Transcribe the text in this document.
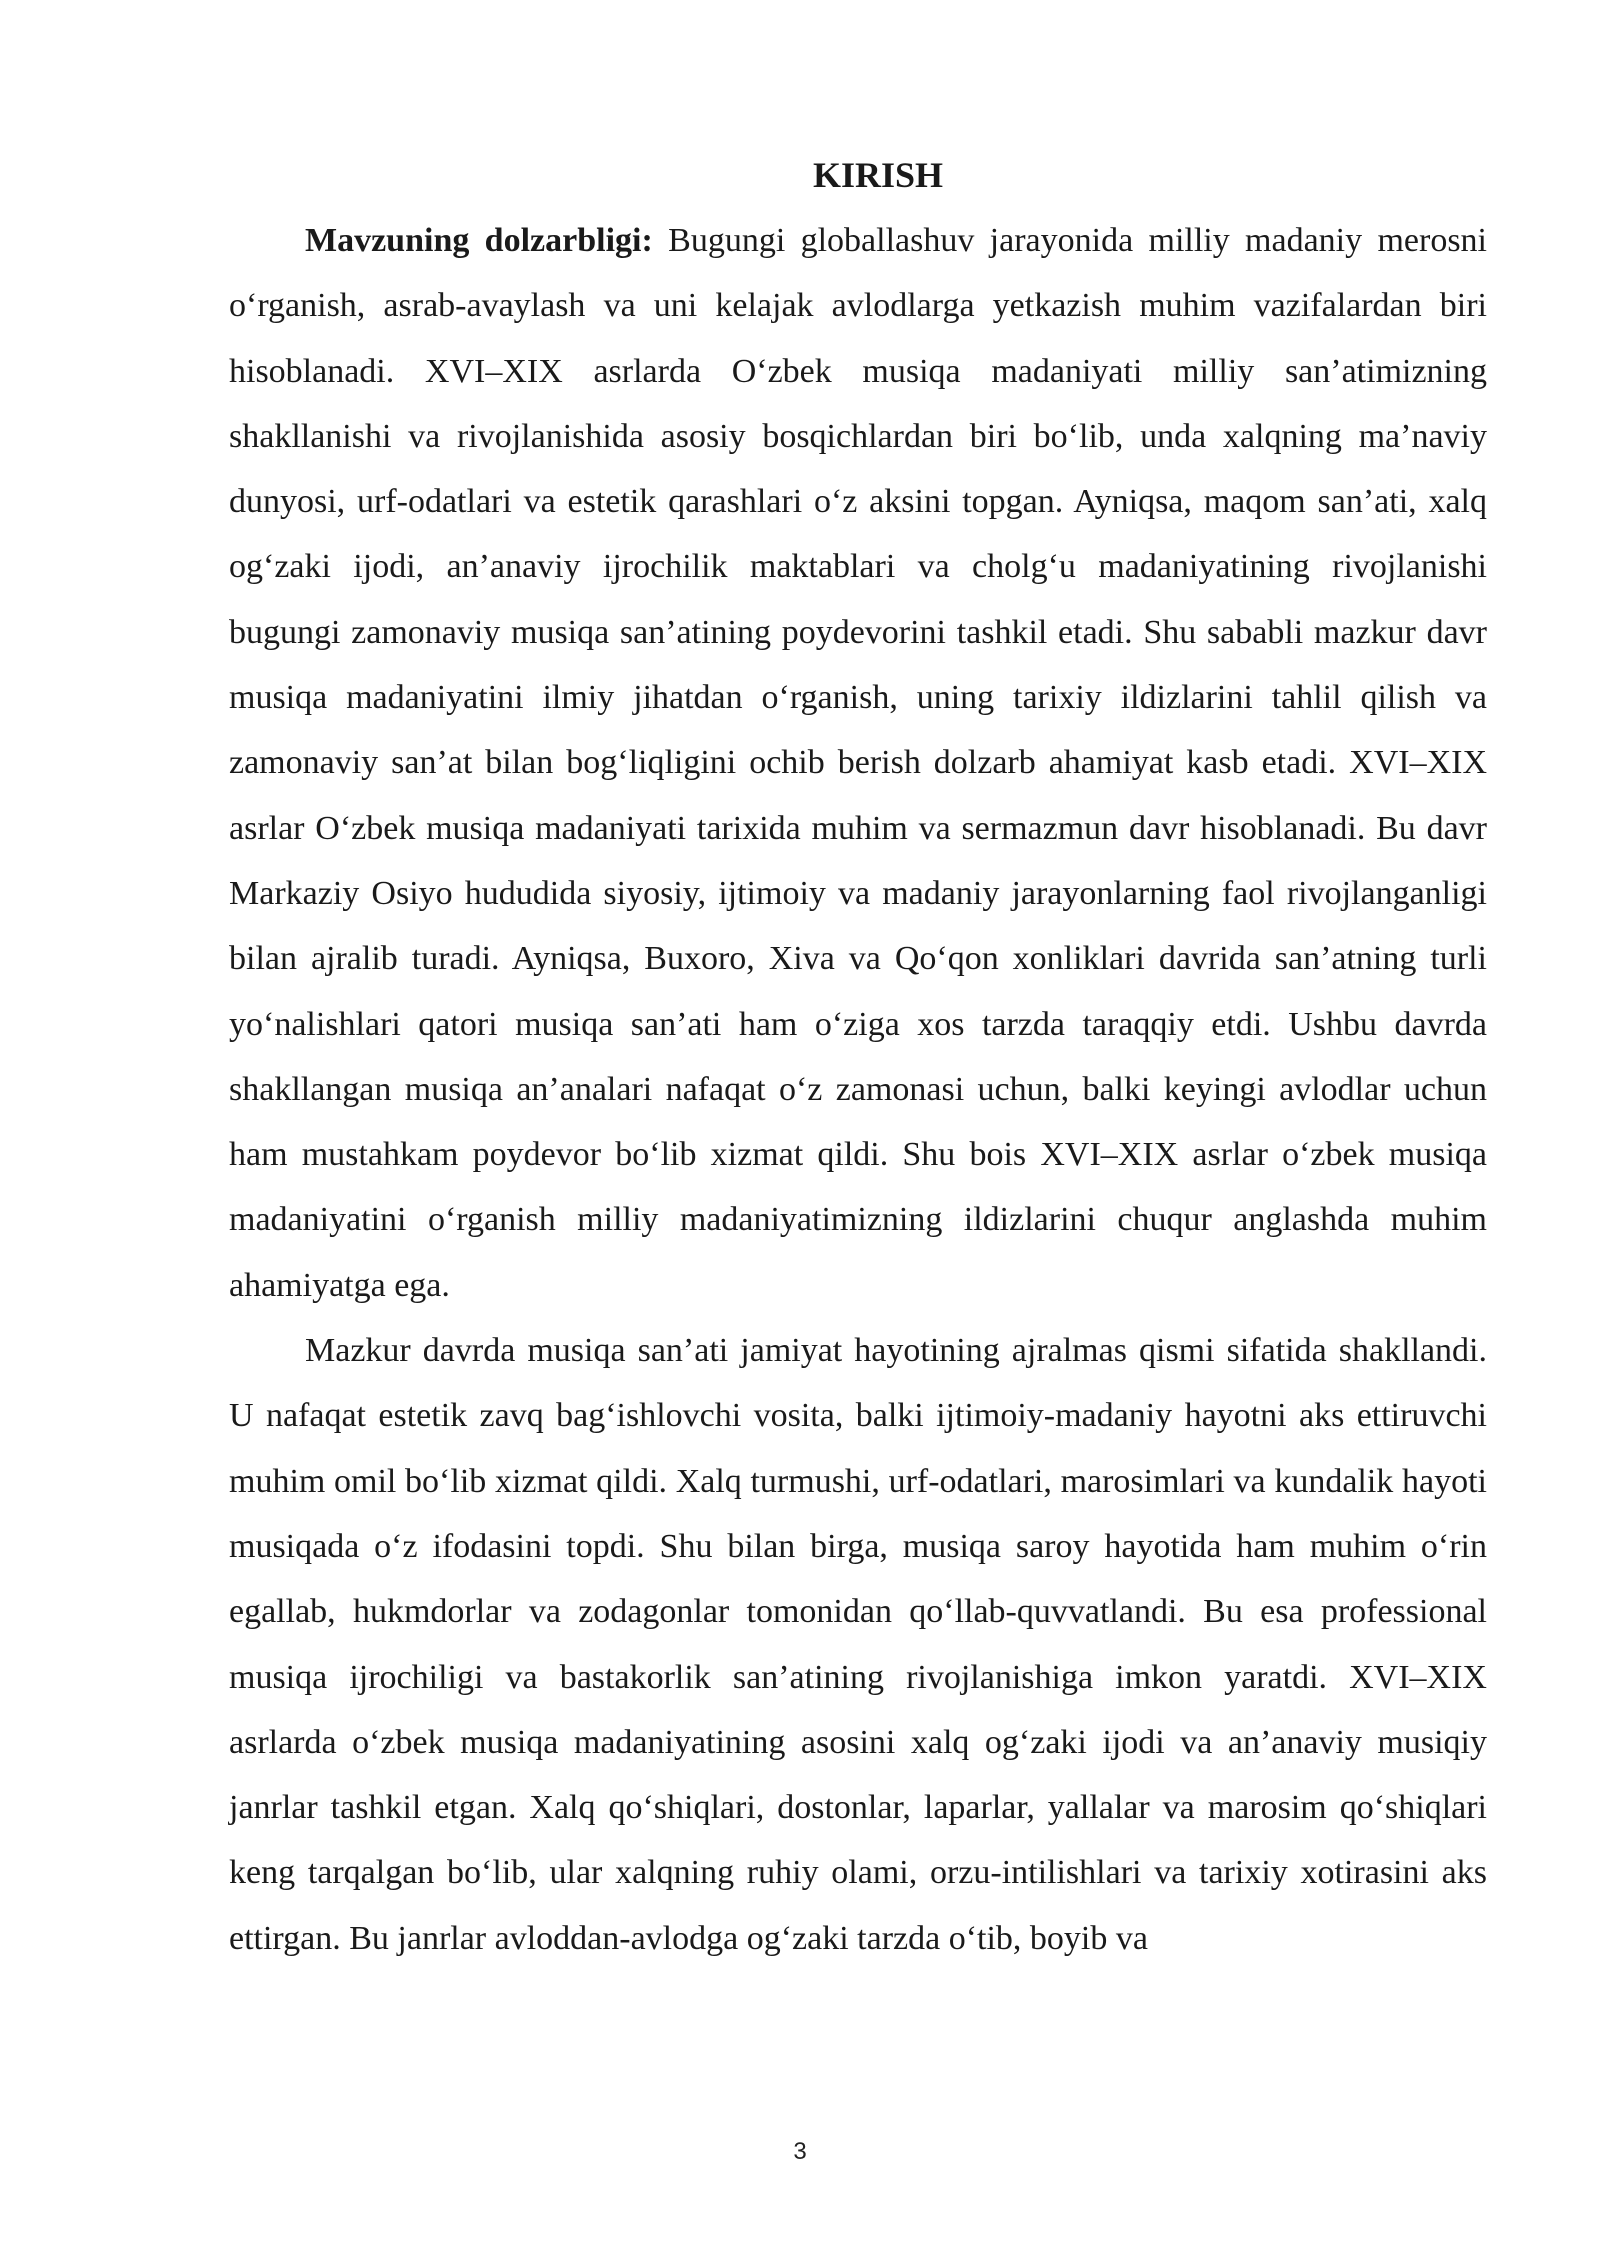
KIRISH

Mavzuning dolzarbligi: Bugungi globallashuv jarayonida milliy madaniy merosni o‘rganish, asrab-avaylash va uni kelajak avlodlarga yetkazish muhim vazifalardan biri hisoblanadi. XVI–XIX asrlarda O‘zbek musiqa madaniyati milliy san’atimizning shakllanishi va rivojlanishida asosiy bosqichlardan biri bo‘lib, unda xalqning ma’naviy dunyosi, urf-odatlari va estetik qarashlari o‘z aksini topgan. Ayniqsa, maqom san’ati, xalq og‘zaki ijodi, an’anaviy ijrochilik maktablari va cholg‘u madaniyatining rivojlanishi bugungi zamonaviy musiqa san’atining poydevorini tashkil etadi. Shu sababli mazkur davr musiqa madaniyatini ilmiy jihatdan o‘rganish, uning tarixiy ildizlarini tahlil qilish va zamonaviy san’at bilan bog‘liqligini ochib berish dolzarb ahamiyat kasb etadi. XVI–XIX asrlar O‘zbek musiqa madaniyati tarixida muhim va sermazmun davr hisoblanadi. Bu davr Markaziy Osiyo hududida siyosiy, ijtimoiy va madaniy jarayonlarning faol rivojlanganligi bilan ajralib turadi. Ayniqsa, Buxoro, Xiva va Qo‘qon xonliklari davrida san’atning turli yo‘nalishlari qatori musiqa san’ati ham o‘ziga xos tarzda taraqqiy etdi. Ushbu davrda shakllangan musiqa an’analari nafaqat o‘z zamonasi uchun, balki keyingi avlodlar uchun ham mustahkam poydevor bo‘lib xizmat qildi. Shu bois XVI–XIX asrlar o‘zbek musiqa madaniyatini o‘rganish milliy madaniyatimizning ildizlarini chuqur anglashda muhim ahamiyatga ega.

Mazkur davrda musiqa san’ati jamiyat hayotining ajralmas qismi sifatida shakllandi. U nafaqat estetik zavq bag‘ishlovchi vosita, balki ijtimoiy-madaniy hayotni aks ettiruvchi muhim omil bo‘lib xizmat qildi. Xalq turmushi, urf-odatlari, marosimlari va kundalik hayoti musiqada o‘z ifodasini topdi. Shu bilan birga, musiqa saroy hayotida ham muhim o‘rin egallab, hukmdorlar va zodagonlar tomonidan qo‘llab-quvvatlandi. Bu esa professional musiqa ijrochiligi va bastakorlik san’atining rivojlanishiga imkon yaratdi. XVI–XIX asrlarda o‘zbek musiqa madaniyatining asosini xalq og‘zaki ijodi va an’anaviy musiqiy janrlar tashkil etgan. Xalq qo‘shiqlari, dostonlar, laparlar, yallalar va marosim qo‘shiqlari keng tarqalgan bo‘lib, ular xalqning ruhiy olami, orzu-intilishlari va tarixiy xotirasini aks ettirgan. Bu janrlar avloddan-avlodga og‘zaki tarzda o‘tib, boyib va

3
